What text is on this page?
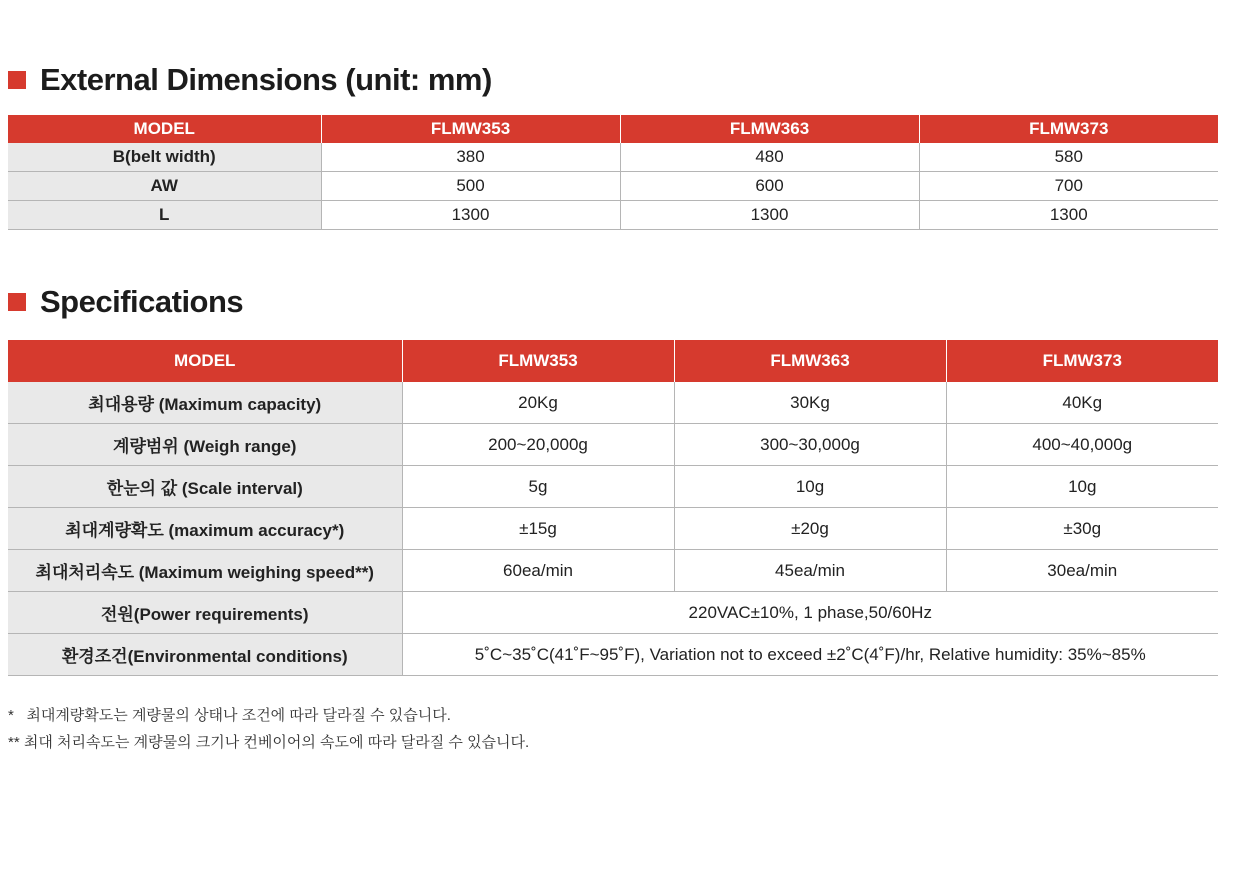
External Dimensions (unit: mm)
MODEL	FLMW353	FLMW363	FLMW373
B(belt width)	380	480	580
AW	500	600	700
L	1300	1300	1300
Specifications
MODEL	FLMW353	FLMW363	FLMW373
최대용량 (Maximum capacity)	20Kg	30Kg	40Kg
계량범위 (Weigh range)	200~20,000g	300~30,000g	400~40,000g
한눈의 값 (Scale interval)	5g	10g	10g
최대계량확도 (maximum accuracy*)	±15g	±20g	±30g
최대처리속도 (Maximum weighing speed**)	60ea/min	45ea/min	30ea/min
전원(Power requirements)	220VAC±10%, 1 phase,50/60Hz		
환경조건(Environmental conditions)	5˚C~35˚C(41˚F~95˚F), Variation not to exceed ±2˚C(4˚F)/hr, Relative humidity: 35%~85%		
*   최대계량확도는 계량물의 상태나 조건에 따라 달라질 수 있습니다.
** 최대 처리속도는 계량물의 크기나 컨베이어의 속도에 따라 달라질 수 있습니다.
